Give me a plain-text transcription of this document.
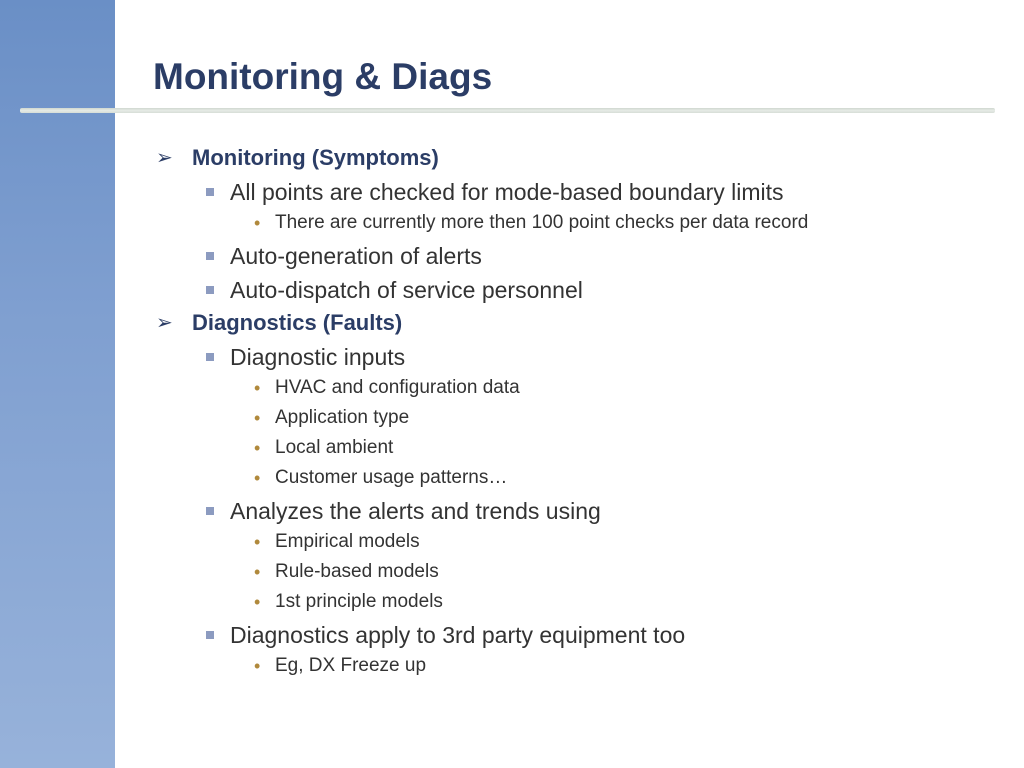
Monitoring & Diags
➢ Monitoring (Symptoms)
All points are checked for mode-based boundary limits
• There are currently more then 100 point checks per data record
Auto-generation of alerts
Auto-dispatch of service personnel
➢ Diagnostics (Faults)
Diagnostic inputs
• HVAC and configuration data
• Application type
• Local ambient
• Customer usage patterns…
Analyzes the alerts and trends using
• Empirical models
• Rule-based models
• 1st principle models
Diagnostics apply to 3rd party equipment too
• Eg, DX Freeze up
